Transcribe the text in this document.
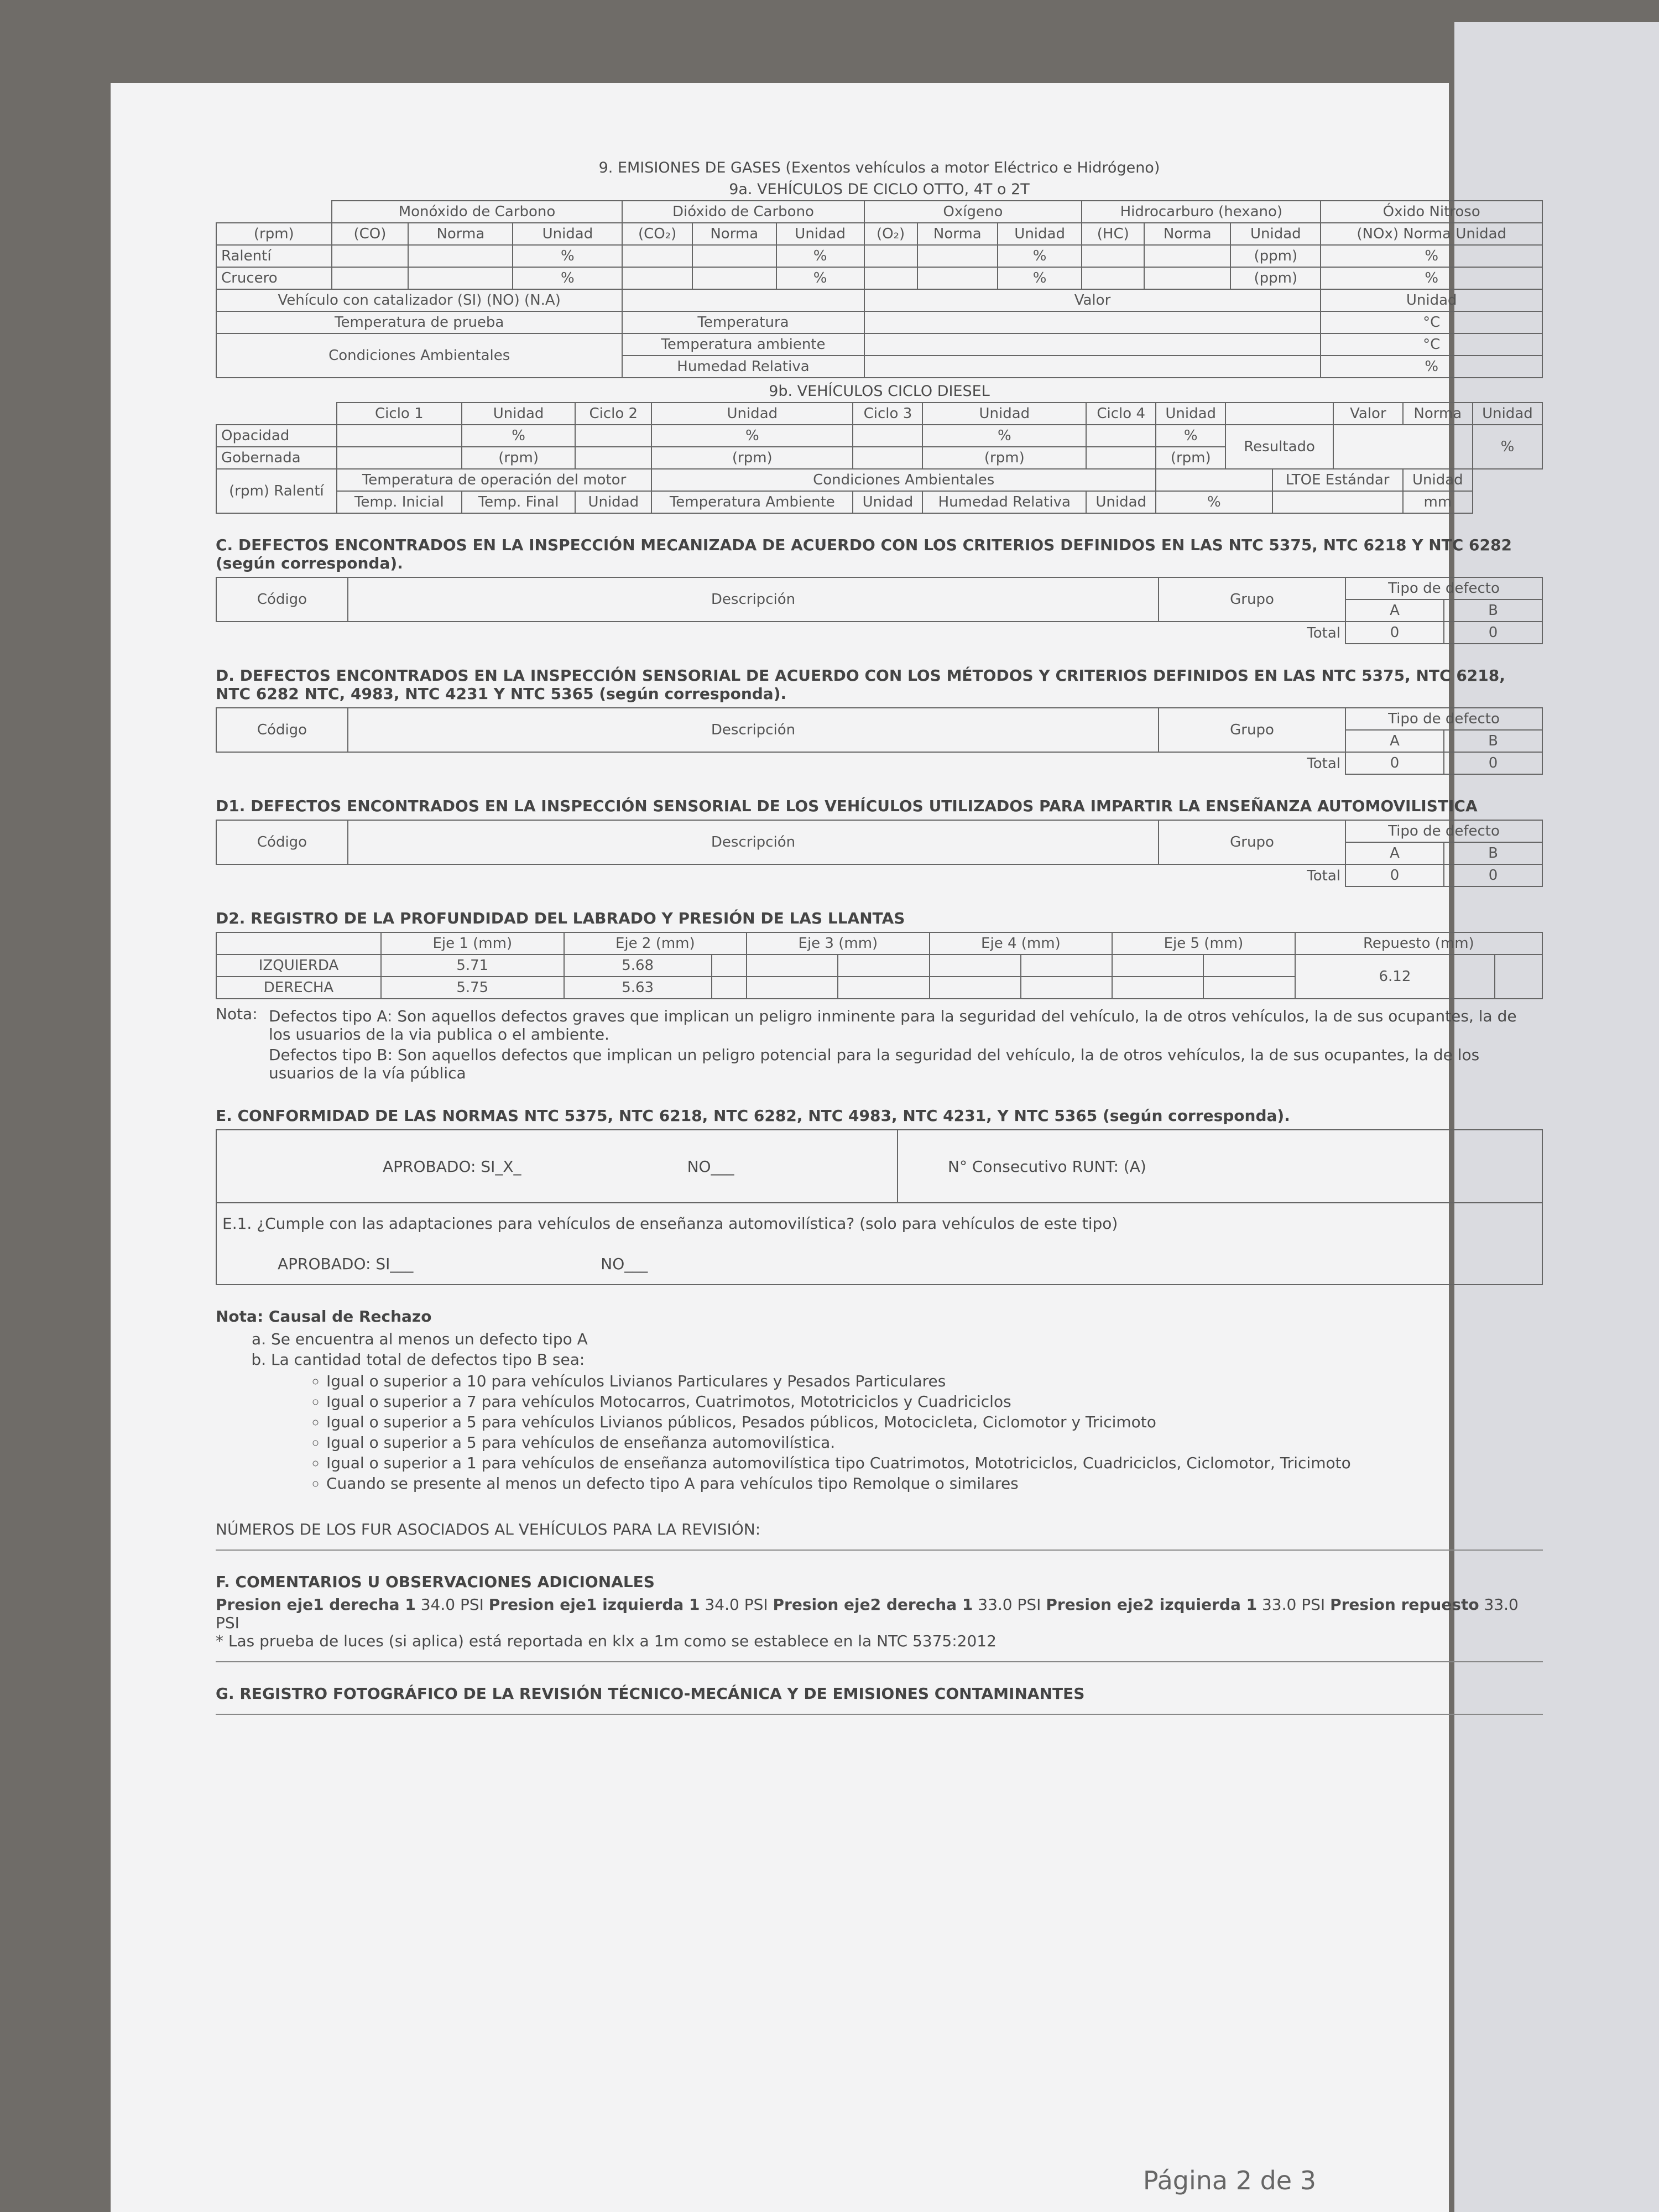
9. EMISIONES DE GASES (Exentos vehículos a motor Eléctrico e Hidrógeno)
9a. VEHÍCULOS DE CICLO OTTO, 4T o 2T
	Monóxido de Carbono			Dióxido de Carbono			Oxígeno			Hidrocarburo (hexano)			Óxido Nitroso
(rpm)	(CO)	Norma	Unidad	(CO₂)	Norma	Unidad	(O₂)	Norma	Unidad	(HC)	Norma	Unidad	(NOx) Norma Unidad
Ralentí			%			%			%			(ppm)	%
Crucero			%			%			%			(ppm)	%
Vehículo con catalizador (SI) (NO) (N.A)							Valor						Unidad
Temperatura de prueba				Temperatura									°C
Condiciones Ambientales				Temperatura ambiente									°C
				Humedad Relativa									%
9b. VEHÍCULOS CICLO DIESEL
	Ciclo 1	Unidad	Ciclo 2	Unidad	Ciclo 3	Unidad	Ciclo 4	Unidad			Valor	Norma	Unidad
Opacidad		%		%		%		%	Resultado				%
Gobernada		(rpm)		(rpm)		(rpm)		(rpm)					
(rpm) Ralentí	Temperatura de operación del motor			Condiciones Ambientales						LTOE Estándar		Unidad	
	Temp. Inicial	Temp. Final	Unidad	Temperatura Ambiente	Unidad	Humedad Relativa	Unidad	%				mm	
C. DEFECTOS ENCONTRADOS EN LA INSPECCIÓN MECANIZADA DE ACUERDO CON LOS CRITERIOS DEFINIDOS EN LAS NTC 5375, NTC 6218 Y NTC 6282 (según corresponda).
Código	Descripción	Grupo	Tipo de defecto	
			A	B
Total			0	0
D. DEFECTOS ENCONTRADOS EN LA INSPECCIÓN SENSORIAL DE ACUERDO CON LOS MÉTODOS Y CRITERIOS DEFINIDOS EN LAS NTC 5375, NTC 6218, NTC 6282 NTC, 4983, NTC 4231 Y NTC 5365 (según corresponda).
Código	Descripción	Grupo	Tipo de defecto	
			A	B
Total			0	0
D1. DEFECTOS ENCONTRADOS EN LA INSPECCIÓN SENSORIAL DE LOS VEHÍCULOS UTILIZADOS PARA IMPARTIR LA ENSEÑANZA AUTOMOVILISTICA
Código	Descripción	Grupo	Tipo de defecto	
			A	B
Total			0	0
D2. REGISTRO DE LA PROFUNDIDAD DEL LABRADO Y PRESIÓN DE LAS LLANTAS
	Eje 1 (mm)	Eje 2 (mm)		Eje 3 (mm)		Eje 4 (mm)		Eje 5 (mm)		Repuesto (mm)	
IZQUIERDA	5.71	5.68								6.12	
DERECHA	5.75	5.63									
Nota: Defectos tipo A: Son aquellos defectos graves que implican un peligro inminente para la seguridad del vehículo, la de otros vehículos, la de sus ocupantes, la de los usuarios de la via publica o el ambiente.

Defectos tipo B: Son aquellos defectos que implican un peligro potencial para la seguridad del vehículo, la de otros vehículos, la de sus ocupantes, la de los usuarios de la vía pública

E. CONFORMIDAD DE LAS NORMAS NTC 5375, NTC 6218, NTC 6282, NTC 4983, NTC 4231, Y NTC 5365 (según corresponda).
APROBADO: SI_X_	NO___	N° Consecutivo RUNT: (A)
E.1. ¿Cumple con las adaptaciones para vehículos de enseñanza automovilística? (solo para vehículos de este tipo)
APROBADO: SI___	NO___
Nota: Causal de Rechazo
a. Se encuentra al menos un defecto tipo A
b. La cantidad total de defectos tipo B sea:
◦ Igual o superior a 10 para vehículos Livianos Particulares y Pesados Particulares
◦ Igual o superior a 7 para vehículos Motocarros, Cuatrimotos, Mototriciclos y Cuadriciclos
◦ Igual o superior a 5 para vehículos Livianos públicos, Pesados públicos, Motocicleta, Ciclomotor y Tricimoto
◦ Igual o superior a 5 para vehículos de enseñanza automovilística.
◦ Igual o superior a 1 para vehículos de enseñanza automovilística tipo Cuatrimotos, Mototriciclos, Cuadriciclos, Ciclomotor, Tricimoto
◦ Cuando se presente al menos un defecto tipo A para vehículos tipo Remolque o similares
NÚMEROS DE LOS FUR ASOCIADOS AL VEHÍCULOS PARA LA REVISIÓN:
F. COMENTARIOS U OBSERVACIONES ADICIONALES
Presion eje1 derecha 1 34.0 PSI Presion eje1 izquierda 1 34.0 PSI Presion eje2 derecha 1 33.0 PSI Presion eje2 izquierda 1 33.0 PSI Presion repuesto 33.0 PSI
* Las prueba de luces (si aplica) está reportada en klx a 1m como se establece en la NTC 5375:2012
G. REGISTRO FOTOGRÁFICO DE LA REVISIÓN TÉCNICO-MECÁNICA Y DE EMISIONES CONTAMINANTES
Página 2 de 3
